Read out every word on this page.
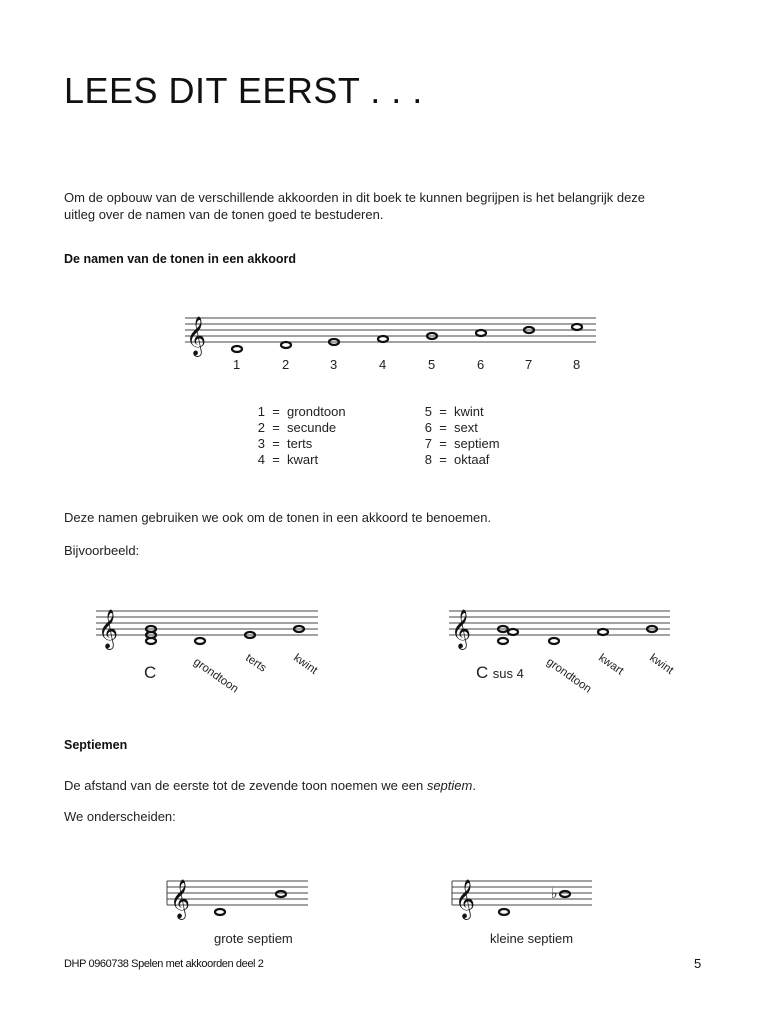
LEES DIT EERST . . .
Om de opbouw van de verschillende akkoorden in dit boek te kunnen begrijpen is het belangrijk deze
uitleg over de namen van de tonen goed te bestuderen.
De namen van de tonen in een akkoord
𝄞
1	2	3	4	5	6	7	8
1	=	grondtoon
2	=	secunde
3	=	terts
4	=	kwart
5	=	kwint
6	=	sext
7	=	septiem
8	=	oktaaf
Deze namen gebruiken we ook om de tonen in een akkoord te benoemen.
Bijvoorbeeld:
𝄞	𝄞
C	grondtoon terts kwint	C sus 4 grondtoon kwart kwint
Septiemen
De afstand van de eerste tot de zevende toon noemen we een septiem.
We onderscheiden:
𝄞	𝄞	♭
grote septiem	kleine septiem
DHP 0960738 Spelen met akkoorden deel 2	5
